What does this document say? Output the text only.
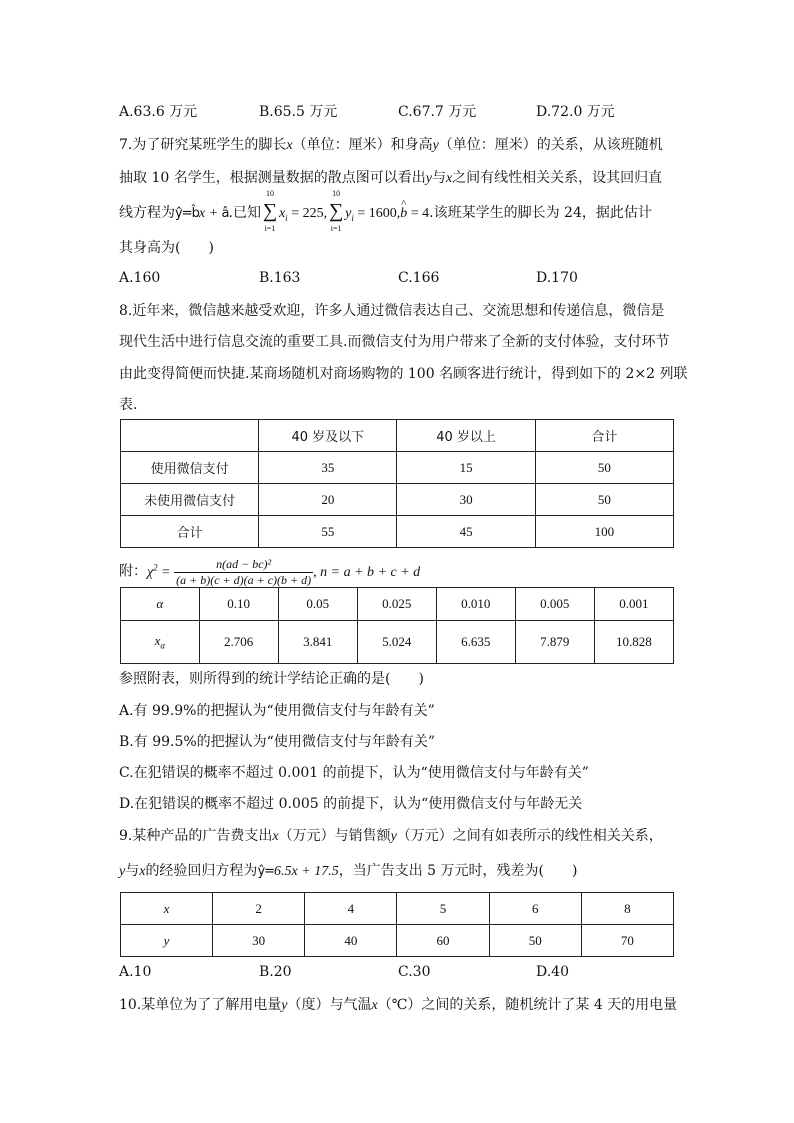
A.63.6 万元	B.65.5 万元	C.67.7 万元	D.72.0 万元
7.为了研究某班学生的脚长x（单位：厘米）和身高y（单位：厘米）的关系，从该班随机
抽取 10 名学生，根据测量数据的散点图可以看出y与x之间有线性相关关系，设其回归直
线方程为ŷ=b̂x + â.已知
10
∑
i=1
$x_i = 225$,
10
∑
i=1
$y_i$ = 1600,^ b = 4.该班某学生的脚长为 24，据此估计
其身高为(　　)
A.160	B.163	C.166	D.170
8.近年来，微信越来越受欢迎，许多人通过微信表达自己、交流思想和传递信息，微信是
现代生活中进行信息交流的重要工具.而微信支付为用户带来了全新的支付体验，支付环节
由此变得简便而快捷.某商场随机对商场购物的 100 名顾客进行统计，得到如下的 2×2 列联
表.
	40 岁及以下	40 岁以上	合计
使用微信支付	35	15	50
未使用微信支付	20	30	50
合计	55	45	100
附：$\chi^2 = \frac{\text{n(ad − bc)²}}{(a + b)(c + d)(a + c)(b + d)}$ , n = a + b + c + d
α	0.10	0.05	0.025	0.010	0.005	0.001
$x_\alpha$	2.706	3.841	5.024	6.635	7.879	10.828
参照附表，则所得到的统计学结论正确的是(　　)
A.有 99.9%的把握认为“使用微信支付与年龄有关”
B.有 99.5%的把握认为“使用微信支付与年龄有关”
C.在犯错误的概率不超过 0.001 的前提下，认为“使用微信支付与年龄有关”
D.在犯错误的概率不超过 0.005 的前提下，认为“使用微信支付与年龄无关
9.某种产品的广告费支出x（万元）与销售额y（万元）之间有如表所示的线性相关关系，
y与x的经验回归方程为ŷ=6.5x + 17.5，当广告支出 5 万元时，残差为(　　)
x	2	4	5	6	8
y	30	40	60	50	70
A.10	B.20	C.30	D.40
10.某单位为了了解用电量y（度）与气温x（℃）之间的关系，随机统计了某 4 天的用电量
